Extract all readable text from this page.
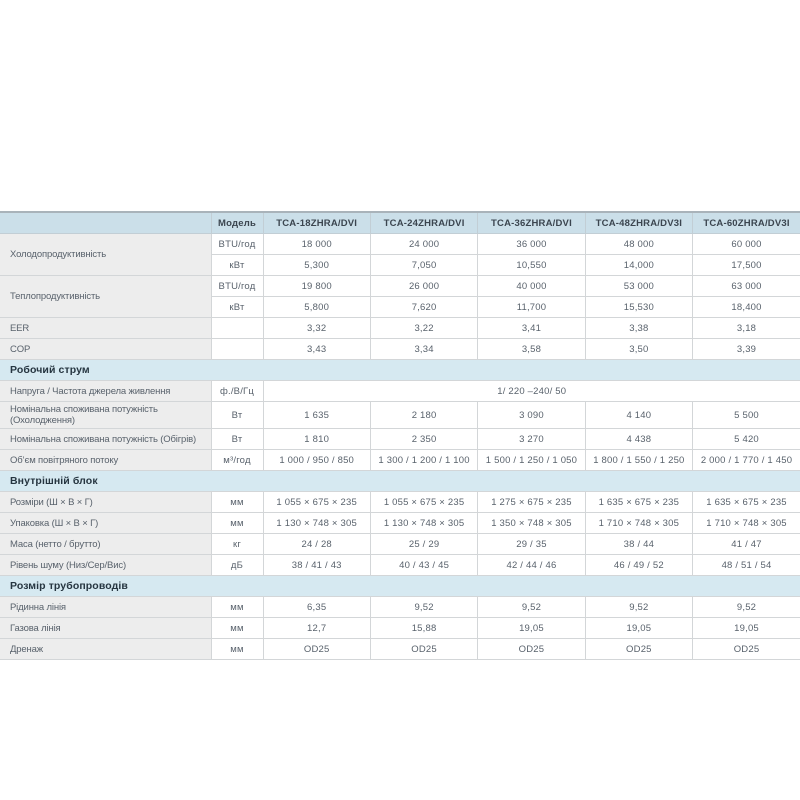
	Модель	TCA-18ZHRA/DVI	TCA-24ZHRA/DVI	TCA-36ZHRA/DVI	TCA-48ZHRA/DV3I	TCA-60ZHRA/DV3I
Холодопродуктивність	BTU/год	18 000	24 000	36 000	48 000	60 000
	кВт	5,300	7,050	10,550	14,000	17,500
Теплопродуктивність	BTU/год	19 800	26 000	40 000	53 000	63 000
	кВт	5,800	7,620	11,700	15,530	18,400
EER		3,32	3,22	3,41	3,38	3,18
COP		3,43	3,34	3,58	3,50	3,39
Робочий струм						
Напруга / Частота джерела живлення	ф./В/Гц	1/ 220 –240/ 50				
Номінальна споживана потужність (Охолодження)	Вт	1 635	2 180	3 090	4 140	5 500
Номінальна споживана потужність (Обігрів)	Вт	1 810	2 350	3 270	4 438	5 420
Об’єм повітряного потоку	м³/год	1 000 / 950 / 850	1 300 / 1 200 / 1 100	1 500 / 1 250 / 1 050	1 800 / 1 550 / 1 250	2 000 / 1 770 / 1 450
Внутрішній блок						
Розміри (Ш × В × Г)	мм	1 055 × 675 × 235	1 055 × 675 × 235	1 275 × 675 × 235	1 635 × 675 × 235	1 635 × 675 × 235
Упаковка (Ш × В × Г)	мм	1 130 × 748 × 305	1 130 × 748 × 305	1 350 × 748 × 305	1 710 × 748 × 305	1 710 × 748 × 305
Маса (нетто / брутто)	кг	24 / 28	25 / 29	29 / 35	38 / 44	41 / 47
Рівень шуму (Низ/Сер/Вис)	дБ	38 / 41 / 43	40 / 43 / 45	42 / 44 / 46	46 / 49 / 52	48 / 51 / 54
Розмір трубопроводів						
Рідинна лінія	мм	6,35	9,52	9,52	9,52	9,52
Газова лінія	мм	12,7	15,88	19,05	19,05	19,05
Дренаж	мм	OD25	OD25	OD25	OD25	OD25
